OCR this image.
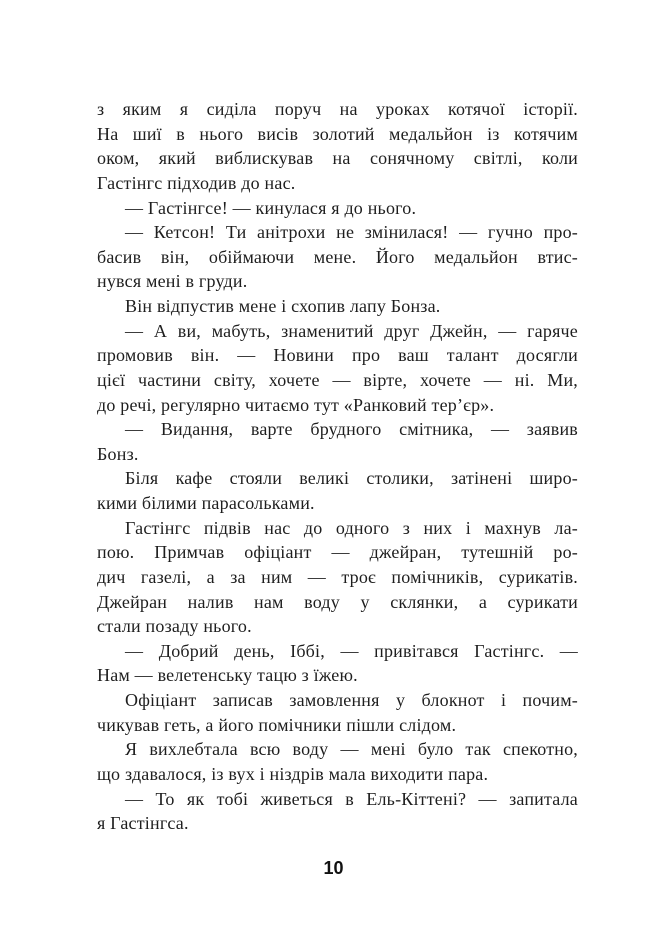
з яким я сиділа поруч на уроках котячої історії.
На шиї в нього висів золотий медальйон із котячим
оком, який виблискував на сонячному світлі, коли
Гастінгс підходив до нас.
— Гастінгсе! — кинулася я до нього.
— Кетсон! Ти анітрохи не змінилася! — гучно про-
басив він, обіймаючи мене. Його медальйон втис-
нувся мені в груди.
Він відпустив мене і схопив лапу Бонза.
— А ви, мабуть, знаменитий друг Джейн, — гаряче
промовив він. — Новини про ваш талант досягли
цієї частини світу, хочете — вірте, хочете — ні. Ми,
до речі, регулярно читаємо тут «Ранковий тер’єр».
— Видання, варте брудного смітника, — заявив
Бонз.
Біля кафе стояли великі столики, затінені широ-
кими білими парасольками.
Гастінгс підвів нас до одного з них і махнув ла-
пою. Примчав офіціант — джейран, тутешній ро-
дич газелі, а за ним — троє помічників, сурикатів.
Джейран налив нам воду у склянки, а сурикати
стали позаду нього.
— Добрий день, Іббі, — привітався Гастінгс. —
Нам — велетенську тацю з їжею.
Офіціант записав замовлення у блокнот і почим-
чикував геть, а його помічники пішли слідом.
Я вихлебтала всю воду — мені було так спекотно,
що здавалося, із вух і ніздрів мала виходити пара.
— То як тобі живеться в Ель-Кіттені? — запитала
я Гастінгса.
10
